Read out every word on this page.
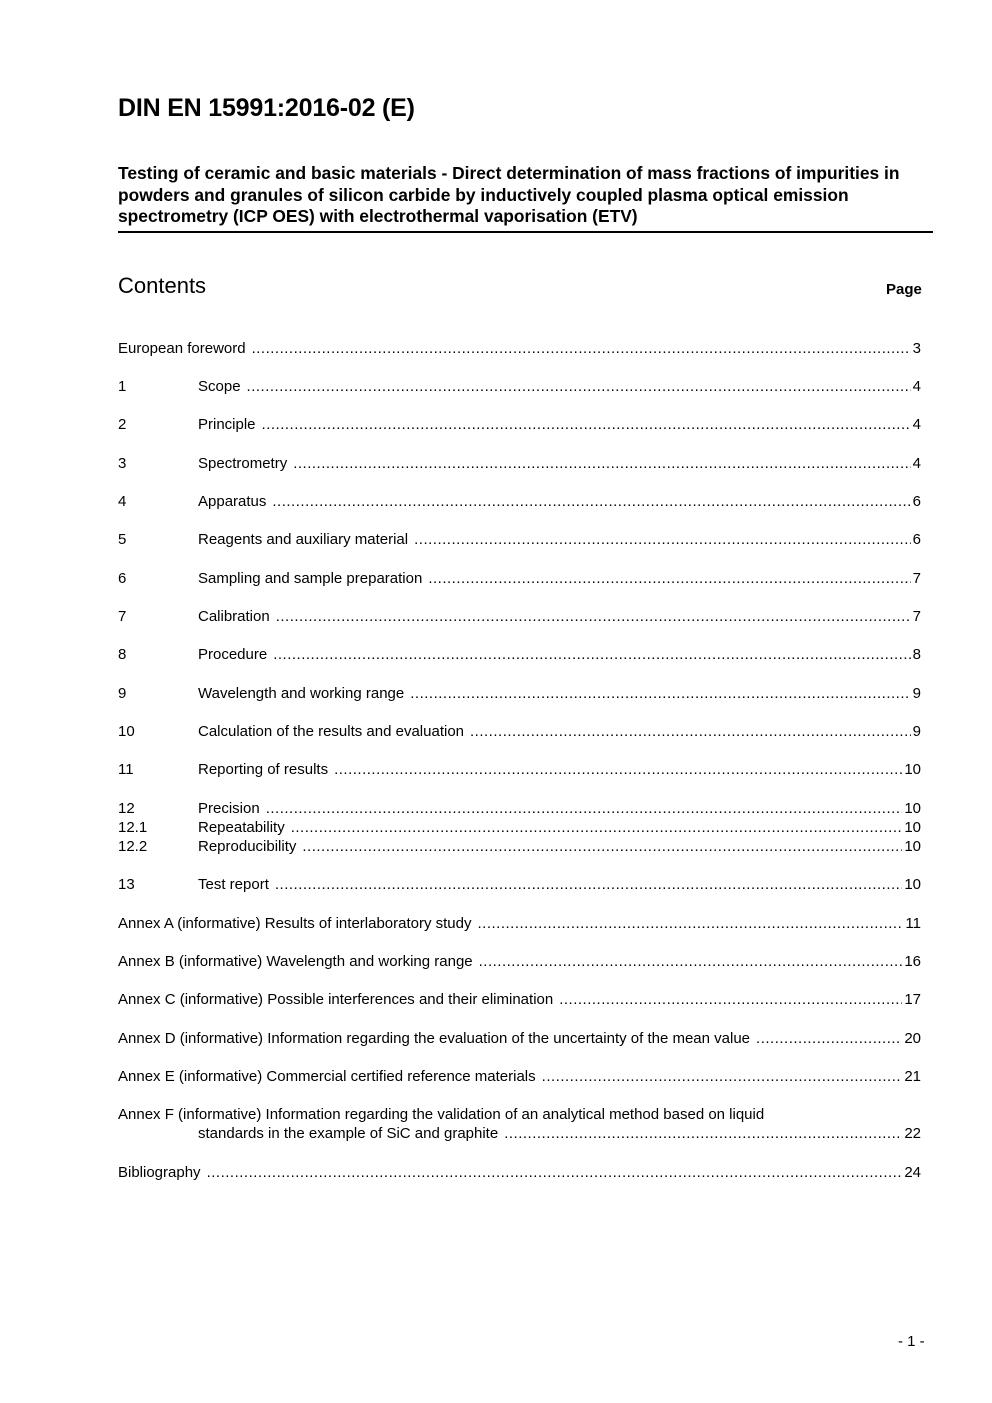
DIN EN 15991:2016-02 (E)
Testing of ceramic and basic materials - Direct determination of mass fractions of impurities in powders and granules of silicon carbide by inductively coupled plasma optical emission spectrometry (ICP OES) with electrothermal vaporisation (ETV)
Contents	Page
European foreword .....	3
1	Scope .....	4
2	Principle .....	4
3	Spectrometry .....	4
4	Apparatus .....	6
5	Reagents and auxiliary material .....	6
6	Sampling and sample preparation .....	7
7	Calibration .....	7
8	Procedure .....	8
9	Wavelength and working range .....	9
10	Calculation of the results and evaluation .....	9
11	Reporting of results .....	10
12	Precision .....	10
12.1	Repeatability .....	10
12.2	Reproducibility .....	10
13	Test report .....	10
Annex A (informative) Results of interlaboratory study .....	11
Annex B (informative) Wavelength and working range .....	16
Annex C (informative) Possible interferences and their elimination .....	17
Annex D (informative) Information regarding the evaluation of the uncertainty of the mean value .....	20
Annex E (informative) Commercial certified reference materials .....	21
Annex F (informative) Information regarding the validation of an analytical method based on liquid
standards in the example of SiC and graphite .....	22
Bibliography .....	24
- 1 -
